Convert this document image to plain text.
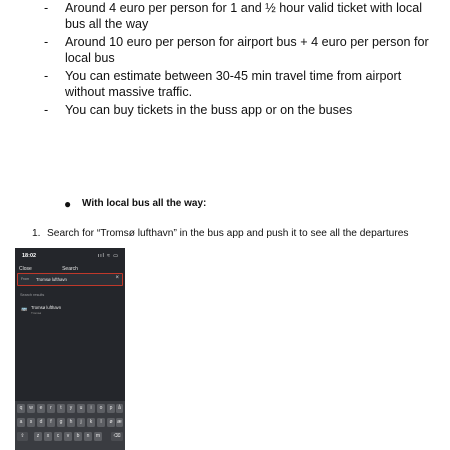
- Around 4 euro per person for 1 and ½ hour valid ticket with local bus all the way
- Around 10 euro per person for airport bus + 4 euro per person for local bus
- You can estimate between 30-45 min travel time from airport without massive traffic.
- You can buy tickets in the buss app or on the buses
● With local bus all the way:
1. Search for “Tromsø lufthavn” in the bus app and push it to see all the departures
18:02	ııl ≈ ▭
Search
Close
From Tromsø lufthavn	×
Search results
🚌 Tromsø lufthavn
Tromsø
q	w	e	r	t	y	u	i	o	p	å
a	s	d	f	g	h	j	k	l	ø æ
⇧	z	x	c	v	b	n	m	⌫
